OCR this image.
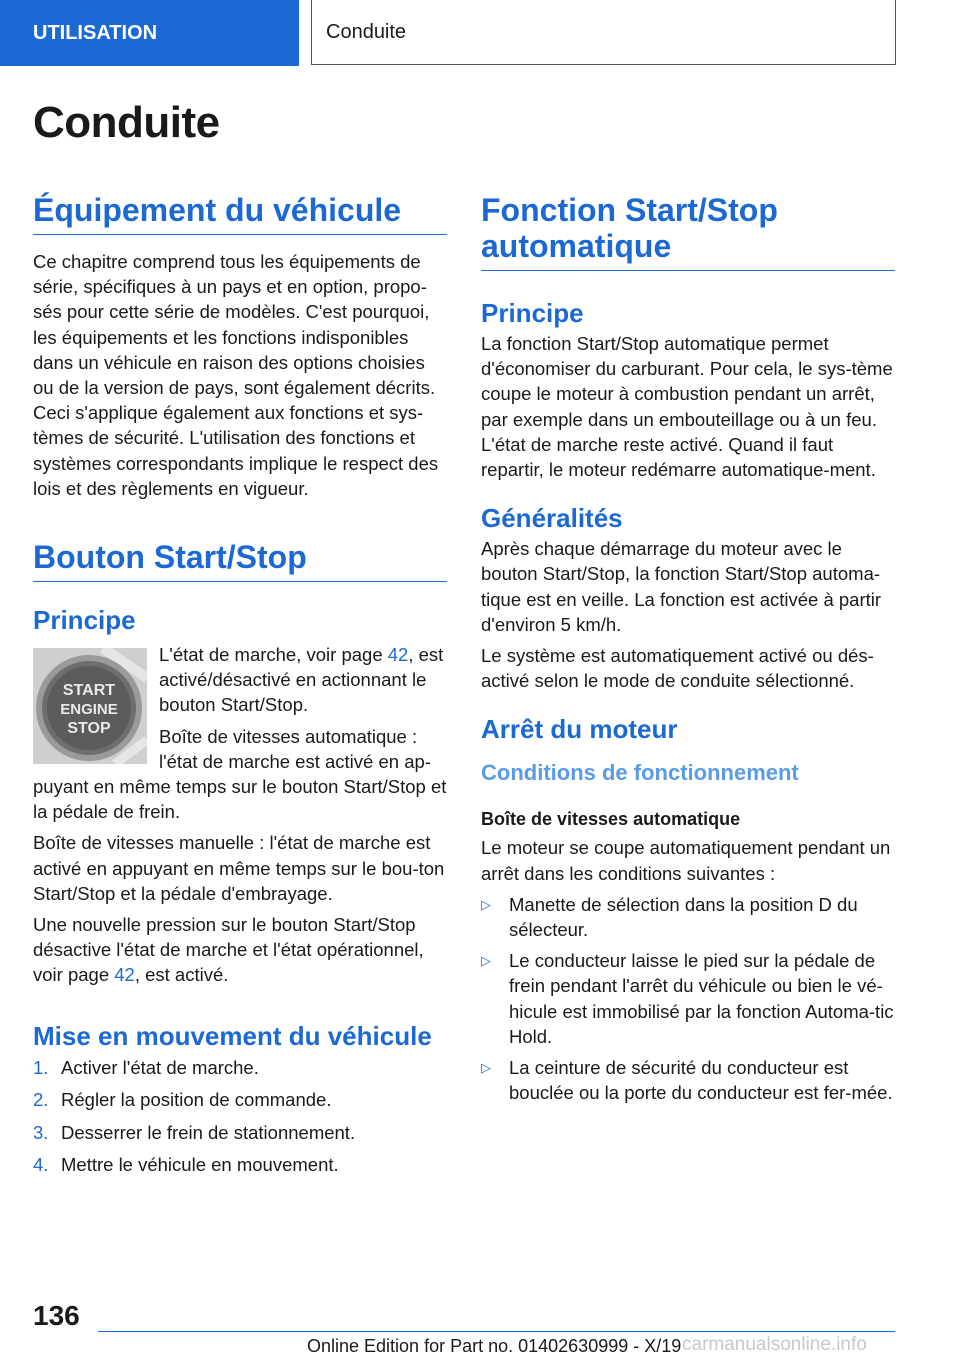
UTILISATION	Conduite
Conduite
Équipement du véhicule

Ce chapitre comprend tous les équipements de série, spécifiques à un pays et en option, propo-sés pour cette série de modèles. C'est pourquoi, les équipements et les fonctions indisponibles dans un véhicule en raison des options choisies ou de la version de pays, sont également décrits. Ceci s'applique également aux fonctions et sys-tèmes de sécurité. L'utilisation des fonctions et systèmes correspondants implique le respect des lois et des règlements en vigueur.

Bouton Start/Stop
Principe
START
ENGINE
STOP

L'état de marche, voir page 42, est activé/désactivé en actionnant le bouton Start/Stop.

Boîte de vitesses automatique : l'état de marche est activé en ap-puyant en même temps sur le bouton Start/Stop et la pédale de frein.

Boîte de vitesses manuelle : l'état de marche est activé en appuyant en même temps sur le bou-ton Start/Stop et la pédale d'embrayage.

Une nouvelle pression sur le bouton Start/Stop désactive l'état de marche et l'état opérationnel, voir page 42, est activé.

Mise en mouvement du véhicule
1. Activer l'état de marche.
2. Régler la position de commande.
3. Desserrer le frein de stationnement.
4. Mettre le véhicule en mouvement.
Fonction Start/Stop automatique
Principe

La fonction Start/Stop automatique permet d'économiser du carburant. Pour cela, le sys-tème coupe le moteur à combustion pendant un arrêt, par exemple dans un embouteillage ou à un feu. L'état de marche reste activé. Quand il faut repartir, le moteur redémarre automatique-ment.

Généralités

Après chaque démarrage du moteur avec le bouton Start/Stop, la fonction Start/Stop automa-tique est en veille. La fonction est activée à partir d'environ 5 km/h.

Le système est automatiquement activé ou dés-activé selon le mode de conduite sélectionné.

Arrêt du moteur
Conditions de fonctionnement
Boîte de vitesses automatique

Le moteur se coupe automatiquement pendant un arrêt dans les conditions suivantes :

▷ Manette de sélection dans la position D du sélecteur.
▷ Le conducteur laisse le pied sur la pédale de frein pendant l'arrêt du véhicule ou bien le vé-hicule est immobilisé par la fonction Automa-tic Hold.
▷ La ceinture de sécurité du conducteur est bouclée ou la porte du conducteur est fer-mée.
136
Online Edition for Part no. 01402630999 - X/19 carmanualsonline.info
